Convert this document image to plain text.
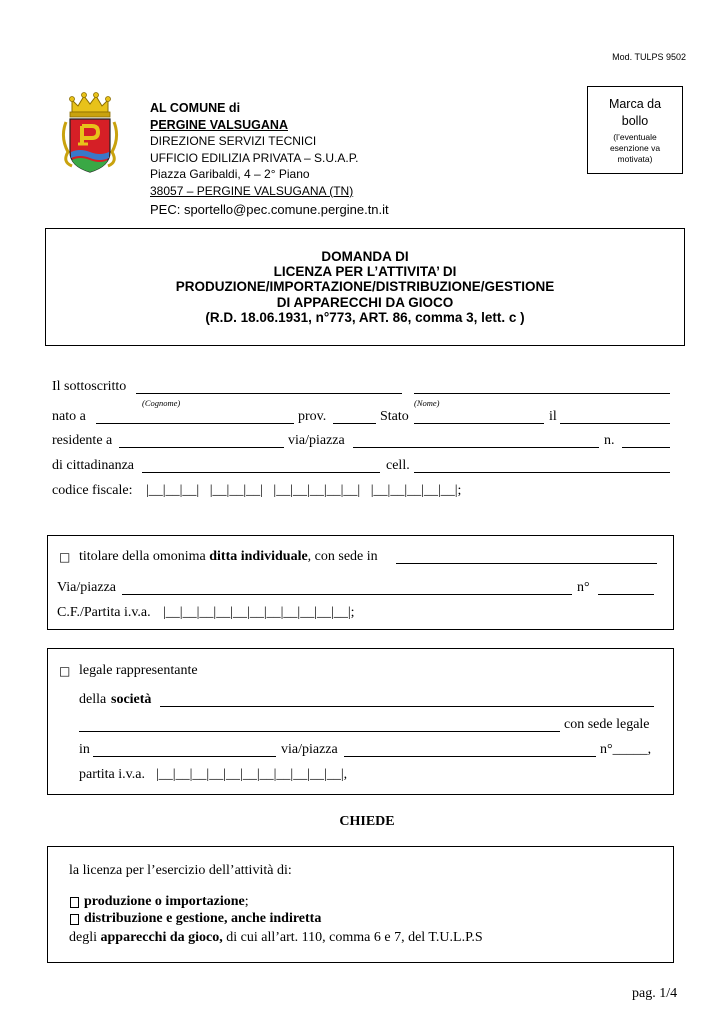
Mod. TULPS 9502
AL COMUNE di
PERGINE VALSUGANA
DIREZIONE SERVIZI TECNICI
UFFICIO EDILIZIA PRIVATA – S.U.A.P.
Piazza Garibaldi, 4 – 2° Piano
38057 – PERGINE VALSUGANA (TN)
PEC: sportello@pec.comune.pergine.tn.it
Marca da
bollo
(l’eventuale
esenzione va
motivata)
DOMANDA DI
LICENZA PER L’ATTIVITA’ DI
PRODUZIONE/IMPORTAZIONE/DISTRIBUZIONE/GESTIONE
DI APPARECCHI DA GIOCO
(R.D. 18.06.1931, n°773, ART. 86, comma 3, lett. c )
Il sottoscritto
(Cognome)	(Nome)
nato a	prov.	Stato	il
residente a	via/piazza	n.
di cittadinanza	cell.
codice fiscale: |__|__|__|   |__|__|__|   |__|__|__|__|__|   |__|__|__|__|__|;
□ titolare della omonima ditta individuale, con sede in
Via/piazza	n°
C.F./Partita i.v.a. |__|__|__|__|__|__|__|__|__|__|__|;
□ legale rappresentante
della società
con sede legale
in	via/piazza	n°_____,
partita i.v.a. |__|__|__|__|__|__|__|__|__|__|__|,
CHIEDE
la licenza per l’esercizio dell’attività di:
produzione o importazione;
distribuzione e gestione, anche indiretta
degli apparecchi da gioco, di cui all’art. 110, comma 6 e 7, del T.U.L.P.S
pag. 1/4
